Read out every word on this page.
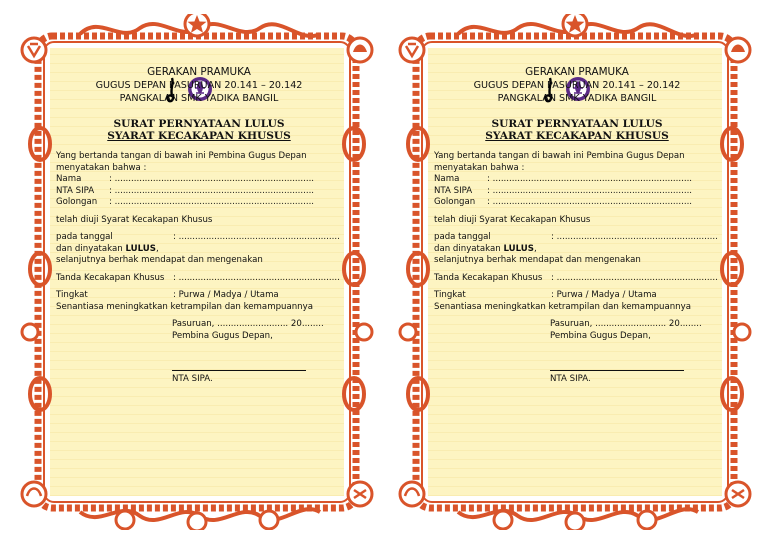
GERAKAN PRAMUKA
GUGUS DEPAN PASURUAN 20.141 – 20.142
PANGKALAN SMK YADIKA BANGIL
SURAT PERNYATAAN LULUS
SYARAT KECAKAPAN KHUSUS
Yang bertanda tangan di bawah ini Pembina Gugus Depan
menyatakan bahwa :
Nama	: .........................................................................
NTA SIPA	: .........................................................................
Golongan	: .........................................................................
telah diuji Syarat Kecakapan Khusus
pada tanggal	: ...........................................................
dan dinyatakan LULUS,
selanjutnya berhak mendapat dan mengenakan
Tanda Kecakapan Khusus : ...........................................................
Tingkat	: Purwa / Madya / Utama
Senantiasa meningkatkan ketrampilan dan kemampuannya
Pasuruan, .......................... 20........
Pembina Gugus Depan,
NTA SIPA.
GERAKAN PRAMUKA
GUGUS DEPAN PASURUAN 20.141 – 20.142
PANGKALAN SMK YADIKA BANGIL
SURAT PERNYATAAN LULUS
SYARAT KECAKAPAN KHUSUS
Yang bertanda tangan di bawah ini Pembina Gugus Depan
menyatakan bahwa :
Nama	: .........................................................................
NTA SIPA	: .........................................................................
Golongan	: .........................................................................
telah diuji Syarat Kecakapan Khusus
pada tanggal	: ...........................................................
dan dinyatakan LULUS,
selanjutnya berhak mendapat dan mengenakan
Tanda Kecakapan Khusus : ...........................................................
Tingkat	: Purwa / Madya / Utama
Senantiasa meningkatkan ketrampilan dan kemampuannya
Pasuruan, .......................... 20........
Pembina Gugus Depan,
NTA SIPA.
